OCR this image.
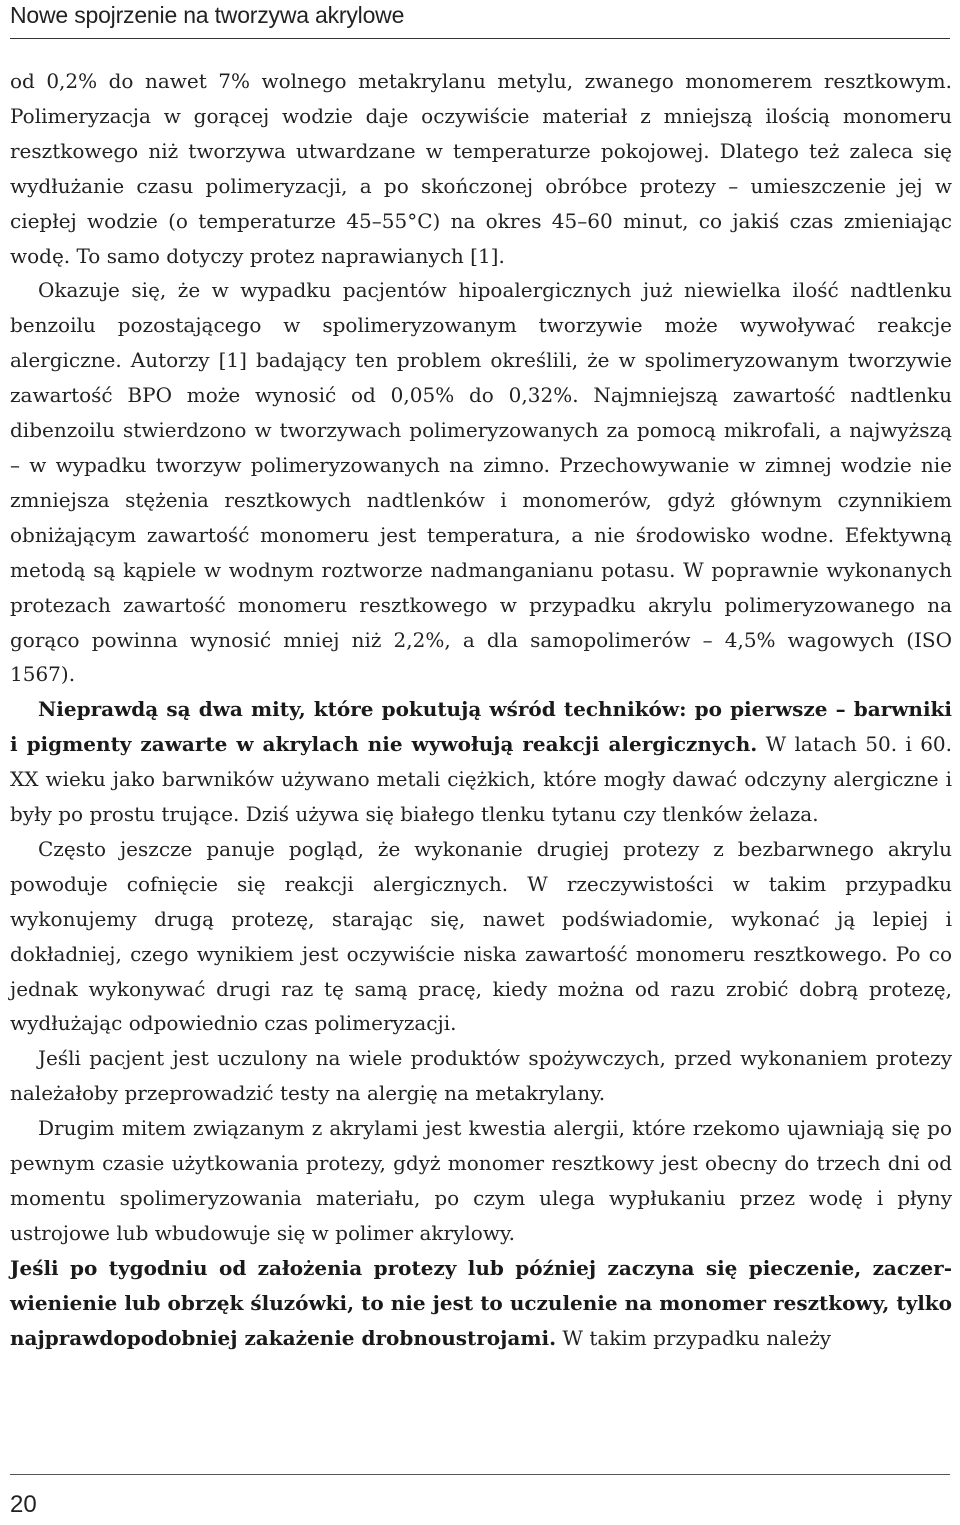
Nowe spojrzenie na tworzywa akrylowe

od 0,2% do nawet 7% wolnego metakrylanu metylu, zwanego monomerem resztkowym. Polimeryzacja w gorącej wodzie daje oczywiście materiał z mniejszą ilością monomeru resztkowego niż tworzywa utwardzane w temperaturze pokojowej. Dlatego też zaleca się wydłużanie czasu polimeryzacji, a po skończonej obróbce protezy – umieszczenie jej w ciepłej wodzie (o temperaturze 45–55°C) na okres 45–60 minut, co jakiś czas zmieniając wodę. To samo dotyczy protez naprawianych [1].

Okazuje się, że w wypadku pacjentów hipoalergicznych już niewielka ilość nadtlenku benzoilu pozostającego w spolimeryzowanym tworzywie może wywoływać reakcje alergiczne. Autorzy [1] badający ten problem określili, że w spolimeryzowanym tworzywie zawartość BPO może wynosić od 0,05% do 0,32%. Najmniejszą zawartość nadtlenku dibenzoilu stwierdzono w tworzywach polimeryzowanych za pomocą mikrofali, a najwyższą – w wypadku tworzyw polimeryzowanych na zimno. Przechowywanie w zimnej wodzie nie zmniejsza stężenia resztkowych nadtlenków i monomerów, gdyż głównym czynnikiem obniżającym zawartość monomeru jest temperatura, a nie środowisko wodne. Efektywną metodą są kąpiele w wodnym roztworze nadmanganianu potasu. W poprawnie wykonanych protezach zawartość monomeru resztkowego w przypadku akrylu polimeryzowanego na gorąco powinna wynosić mniej niż 2,2%, a dla samopolimerów – 4,5% wagowych (ISO 1567).

Nieprawdą są dwa mity, które pokutują wśród techników: po pierwsze – barwniki i pigmenty zawarte w akrylach nie wywołują reakcji alergicznych. W latach 50. i 60. XX wieku jako barwników używano metali ciężkich, które mogły dawać odczyny alergiczne i były po prostu trujące. Dziś używa się białego tlenku tytanu czy tlenków żelaza.

Często jeszcze panuje pogląd, że wykonanie drugiej protezy z bezbarwnego akrylu powoduje cofnięcie się reakcji alergicznych. W rzeczywistości w takim przypadku wykonujemy drugą protezę, starając się, nawet podświadomie, wykonać ją lepiej i dokładniej, czego wynikiem jest oczywiście niska zawartość monomeru resztkowego. Po co jednak wykonywać drugi raz tę samą pracę, kiedy można od razu zrobić dobrą protezę, wydłużając odpowiednio czas polimeryzacji.

Jeśli pacjent jest uczulony na wiele produktów spożywczych, przed wykonaniem protezy należałoby przeprowadzić testy na alergię na metakrylany.

Drugim mitem związanym z akrylami jest kwestia alergii, które rzekomo ujawniają się po pewnym czasie użytkowania protezy, gdyż monomer resztkowy jest obecny do trzech dni od momentu spolimeryzowania materiału, po czym ulega wypłukaniu przez wodę i płyny ustrojowe lub wbudowuje się w polimer akrylowy.

Jeśli po tygodniu od założenia protezy lub później zaczyna się pieczenie, zaczerwienienie lub obrzęk śluzówki, to nie jest to uczulenie na monomer resztkowy, tylko najprawdopodobniej zakażenie drobnoustrojami. W takim przypadku należy

20
